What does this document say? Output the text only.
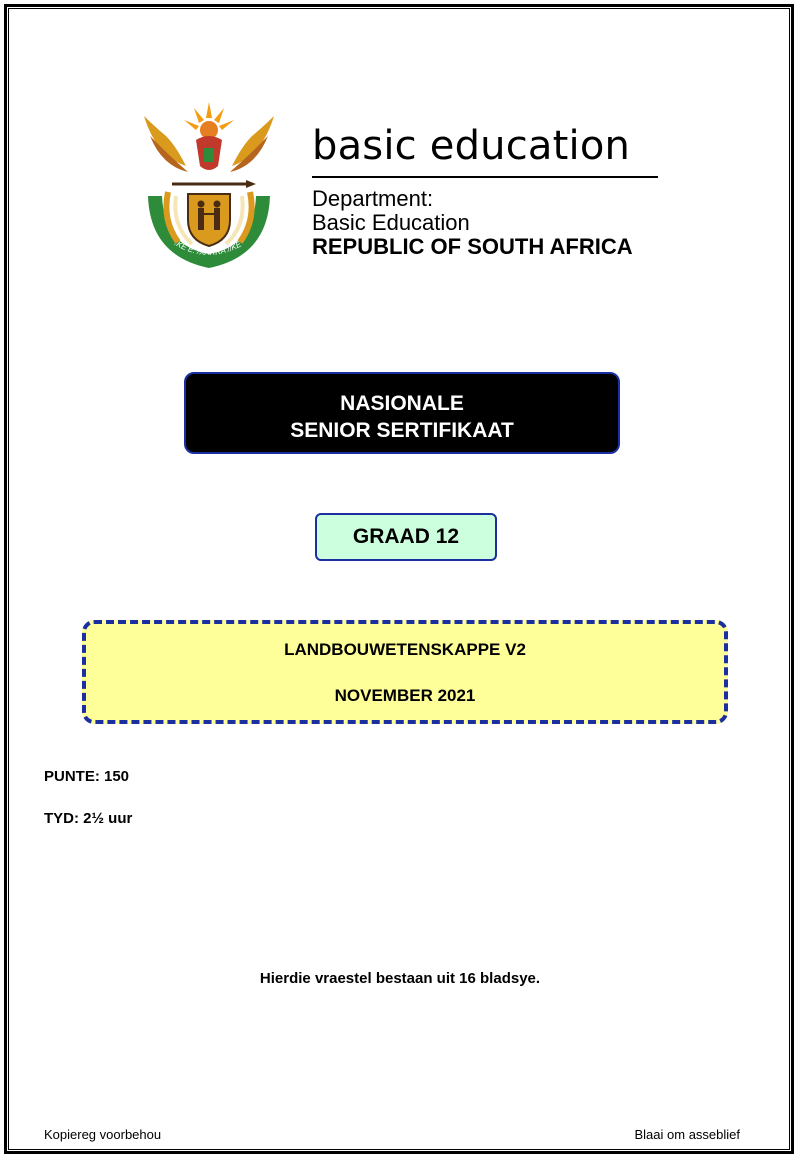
!KE E: /XARRA //KE
basic education
Department:
Basic Education
REPUBLIC OF SOUTH AFRICA
NASIONALE
SENIOR SERTIFIKAAT
GRAAD 12
LANDBOUWETENSKAPPE V2
NOVEMBER 2021
PUNTE: 150
TYD: 2½ uur
Hierdie vraestel bestaan uit 16 bladsye.
Kopiereg voorbehou	Blaai om asseblief
